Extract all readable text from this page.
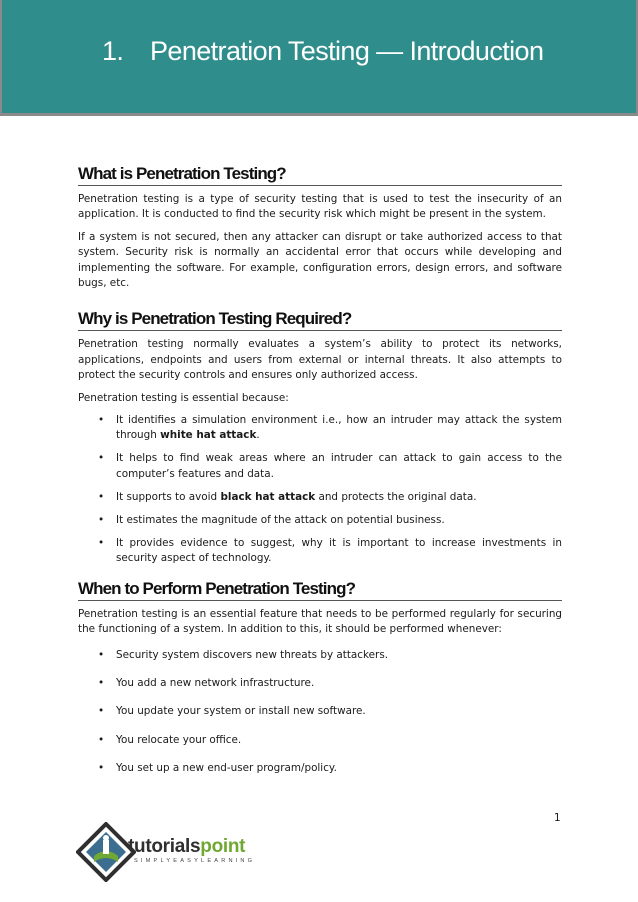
1. Penetration Testing — Introduction
What is Penetration Testing?

Penetration testing is a type of security testing that is used to test the insecurity of an application. It is conducted to find the security risk which might be present in the system.

If a system is not secured, then any attacker can disrupt or take authorized access to that system. Security risk is normally an accidental error that occurs while developing and implementing the software. For example, configuration errors, design errors, and software bugs, etc.

Why is Penetration Testing Required?

Penetration testing normally evaluates a system’s ability to protect its networks, applications, endpoints and users from external or internal threats. It also attempts to protect the security controls and ensures only authorized access.

Penetration testing is essential because:

• It identifies a simulation environment i.e., how an intruder may attack the system through white hat attack.
• It helps to find weak areas where an intruder can attack to gain access to the computer’s features and data.
• It supports to avoid black hat attack and protects the original data.
• It estimates the magnitude of the attack on potential business.
• It provides evidence to suggest, why it is important to increase investments in security aspect of technology.
When to Perform Penetration Testing?

Penetration testing is an essential feature that needs to be performed regularly for securing the functioning of a system. In addition to this, it should be performed whenever:

• Security system discovers new threats by attackers.
• You add a new network infrastructure.
• You update your system or install new software.
• You relocate your office.
• You set up a new end-user program/policy.
1
tutorialspoint
SIMPLYEASYLEARNING
